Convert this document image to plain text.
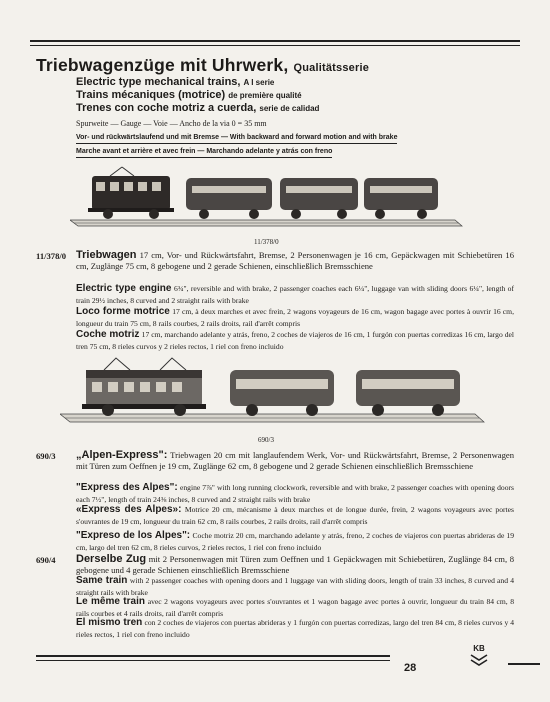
Triebwagenzüge mit Uhrwerk, Qualitätsserie
Electric type mechanical trains, A I serie
Trains mécaniques (motrice) de première qualité
Trenes con coche motriz a cuerda, serie de calidad
Spurweite — Gauge — Voie — Ancho de la via 0 = 35 mm
Vor- und rückwärtslaufend und mit Bremse — With backward and forward motion and with brake
Marche avant et arrière et avec frein — Marchando adelante y atrás con freno
11/378/0
11/378/0 Triebwagen 17 cm, Vor- und Rückwärtsfahrt, Bremse, 2 Personenwagen je 16 cm, Gepäckwagen mit Schiebetüren 16 cm, Zuglänge 75 cm, 8 gebogene und 2 gerade Schienen, einschließlich Bremsschiene
Electric type engine 6¾", reversible and with brake, 2 passenger coaches each 6¼", luggage van with sliding doors 6¼", length of train 29½ inches, 8 curved and 2 straight rails with brake
Loco forme motrice 17 cm, à deux marches et avec frein, 2 wagons voyageurs de 16 cm, wagon bagage avec portes à ouvrir 16 cm, longueur du train 75 cm, 8 rails courbes, 2 rails droits, rail d'arrêt compris
Coche motriz 17 cm, marchando adelante y atrás, freno, 2 coches de viajeros de 16 cm, 1 furgón con puertas corredizas 16 cm, largo del tren 75 cm, 8 rieles curvos y 2 rieles rectos, 1 riel con freno incluido
690/3
690/3 „Alpen-Express": Triebwagen 20 cm mit langlaufendem Werk, Vor- und Rückwärtsfahrt, Bremse, 2 Personenwagen mit Türen zum Oeffnen je 19 cm, Zuglänge 62 cm, 8 gebogene und 2 gerade Schienen einschließlich Bremsschiene
"Express des Alpes": engine 7⅞" with long running clockwork, reversible and with brake, 2 passenger coaches with opening doors each 7½", length of train 24⅜ inches, 8 curved and 2 straight rails with brake
«Express des Alpes»: Motrice 20 cm, mécanisme à deux marches et de longue durée, frein, 2 wagons voyageurs avec portes s'ouvrantes de 19 cm, longueur du train 62 cm, 8 rails courbes, 2 rails droits, rail d'arrêt compris
"Expreso de los Alpes": Coche motriz 20 cm, marchando adelante y atrás, freno, 2 coches de viajeros con puertas abrideras de 19 cm, largo del tren 62 cm, 8 rieles curvos, 2 rieles rectos, 1 riel con freno incluido
690/4 Derselbe Zug mit 2 Personenwagen mit Türen zum Oeffnen und 1 Gepäckwagen mit Schiebetüren, Zuglänge 84 cm, 8 gebogene und 4 gerade Schienen einschließlich Bremsschiene
Same train with 2 passenger coaches with opening doors and 1 luggage van with sliding doors, length of train 33 inches, 8 curved and 4 straight rails with brake
Le même train avec 2 wagons voyageurs avec portes s'ouvrantes et 1 wagon bagage avec portes à ouvrir, longueur du train 84 cm, 8 rails courbes et 4 rails droits, rail d'arrêt compris
El mismo tren con 2 coches de viajeros con puertas abrideras y 1 furgón con puertas corredizas, largo del tren 84 cm, 8 rieles curvos y 4 rieles rectos, 1 riel con freno incluido
28
KB
